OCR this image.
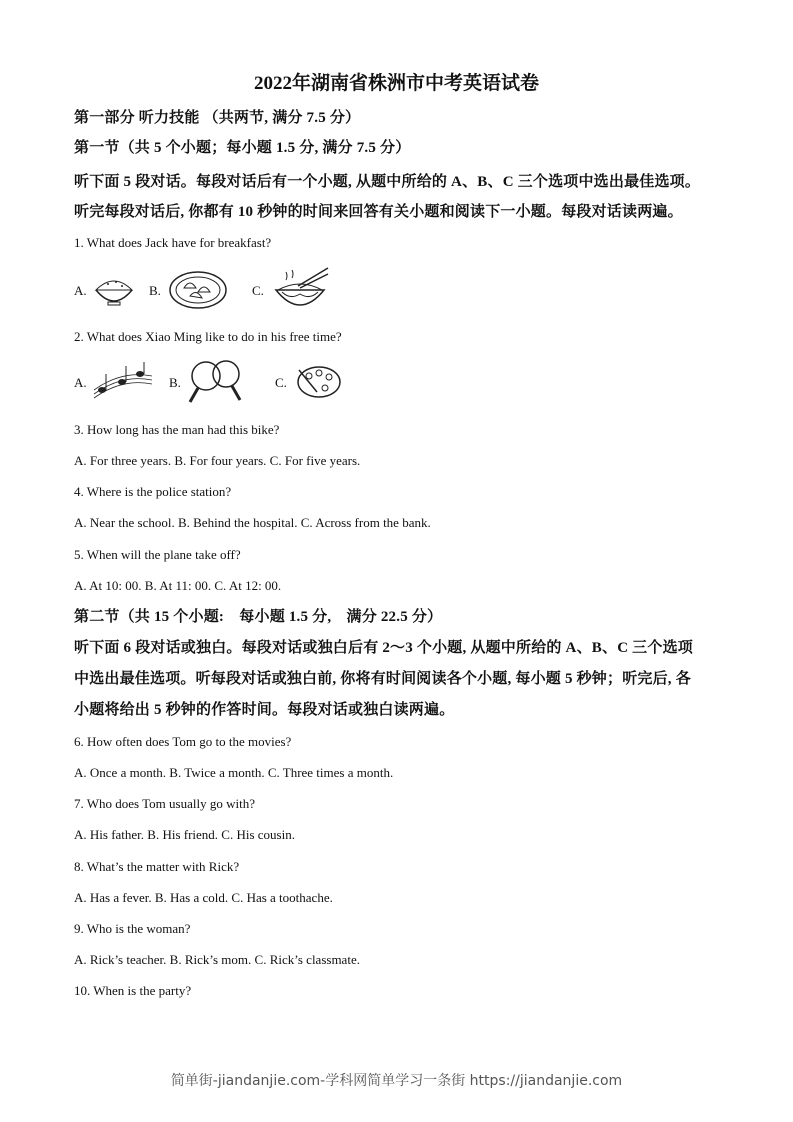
2022年湖南省株洲市中考英语试卷
第一部分 听力技能 （共两节, 满分 7.5 分）
第一节（共 5 个小题；每小题 1.5 分, 满分 7.5 分）
听下面 5 段对话。每段对话后有一个小题, 从题中所给的 A、B、C 三个选项中选出最佳选项。
听完每段对话后, 你都有 10 秒钟的时间来回答有关小题和阅读下一小题。每段对话读两遍。
1. What does Jack have for breakfast?
A.	B.	C.
2. What does Xiao Ming like to do in his free time?
A.	B.	C.
3. How long has the man had this bike?
A. For three years. B. For four years. C. For five years.
4. Where is the police station?
A. Near the school. B. Behind the hospital. C. Across from the bank.
5. When will the plane take off?
A. At 10: 00. B. At 11: 00. C. At 12: 00.
第二节（共 15 个小题:　每小题 1.5 分,　满分 22.5 分）
听下面 6 段对话或独白。每段对话或独白后有 2～3 个小题, 从题中所给的 A、B、C 三个选项
中选出最佳选项。听每段对话或独白前, 你将有时间阅读各个小题, 每小题 5 秒钟；听完后, 各
小题将给出 5 秒钟的作答时间。每段对话或独白读两遍。
6. How often does Tom go to the movies?
A. Once a month. B. Twice a month. C. Three times a month.
7. Who does Tom usually go with?
A. His father. B. His friend. C. His cousin.
8. What’s the matter with Rick?
A. Has a fever. B. Has a cold. C. Has a toothache.
9. Who is the woman?
A. Rick’s teacher. B. Rick’s mom. C. Rick’s classmate.
10. When is the party?
简单街-jiandanjie.com-学科网简单学习一条街 https://jiandanjie.com
